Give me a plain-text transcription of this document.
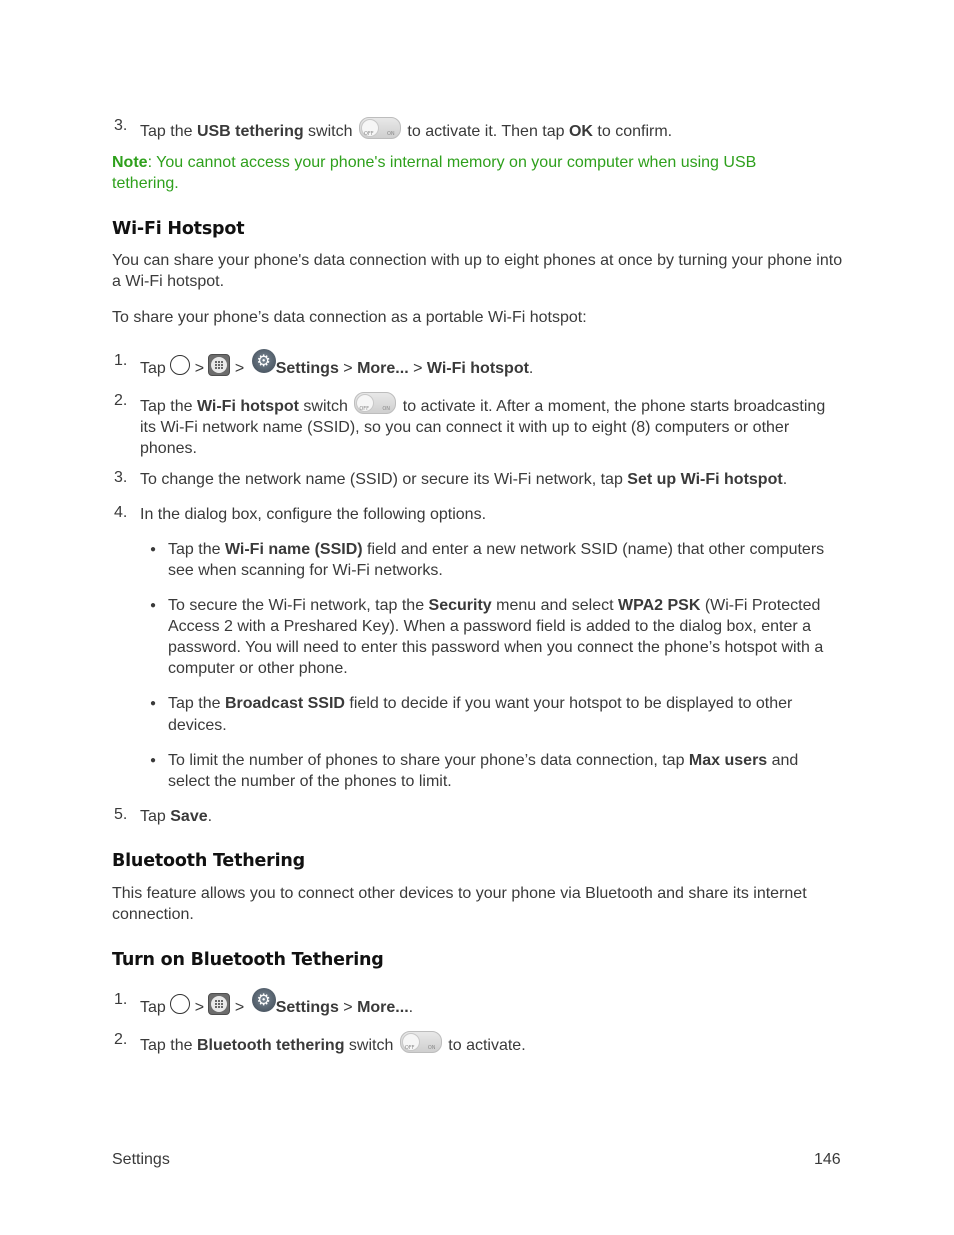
3. Tap the USB tethering switch OFF	ON to activate it. Then tap OK to confirm.
Note: You cannot access your phone's internal memory on your computer when using USB tethering.
Wi-Fi Hotspot
You can share your phone's data connection with up to eight phones at once by turning your phone into a Wi-Fi hotspot.
To share your phone’s data connection as a portable Wi-Fi hotspot:
1. Tap  >
> ⚙Settings > More... > Wi-Fi hotspot.
2. Tap the Wi-Fi hotspot switch OFF	ON to activate it. After a moment, the phone starts broadcasting its Wi-Fi network name (SSID), so you can connect it with up to eight (8) computers or other phones.
3. To change the network name (SSID) or secure its Wi-Fi network, tap Set up Wi-Fi hotspot.
4. In the dialog box, configure the following options.
● Tap the Wi-Fi name (SSID) field and enter a new network SSID (name) that other computers see when scanning for Wi-Fi networks.
● To secure the Wi-Fi network, tap the Security menu and select WPA2 PSK (Wi-Fi Protected Access 2 with a Preshared Key). When a password field is added to the dialog box, enter a password. You will need to enter this password when you connect the phone’s hotspot with a computer or other phone.
● Tap the Broadcast SSID field to decide if you want your hotspot to be displayed to other devices.
● To limit the number of phones to share your phone’s data connection, tap Max users and select the number of the phones to limit.
5. Tap Save.
Bluetooth Tethering
This feature allows you to connect other devices to your phone via Bluetooth and share its internet connection.
Turn on Bluetooth Tethering
1. Tap  >
> ⚙Settings > More....
2. Tap the Bluetooth tethering switch OFF	ON to activate.
Settings	146
